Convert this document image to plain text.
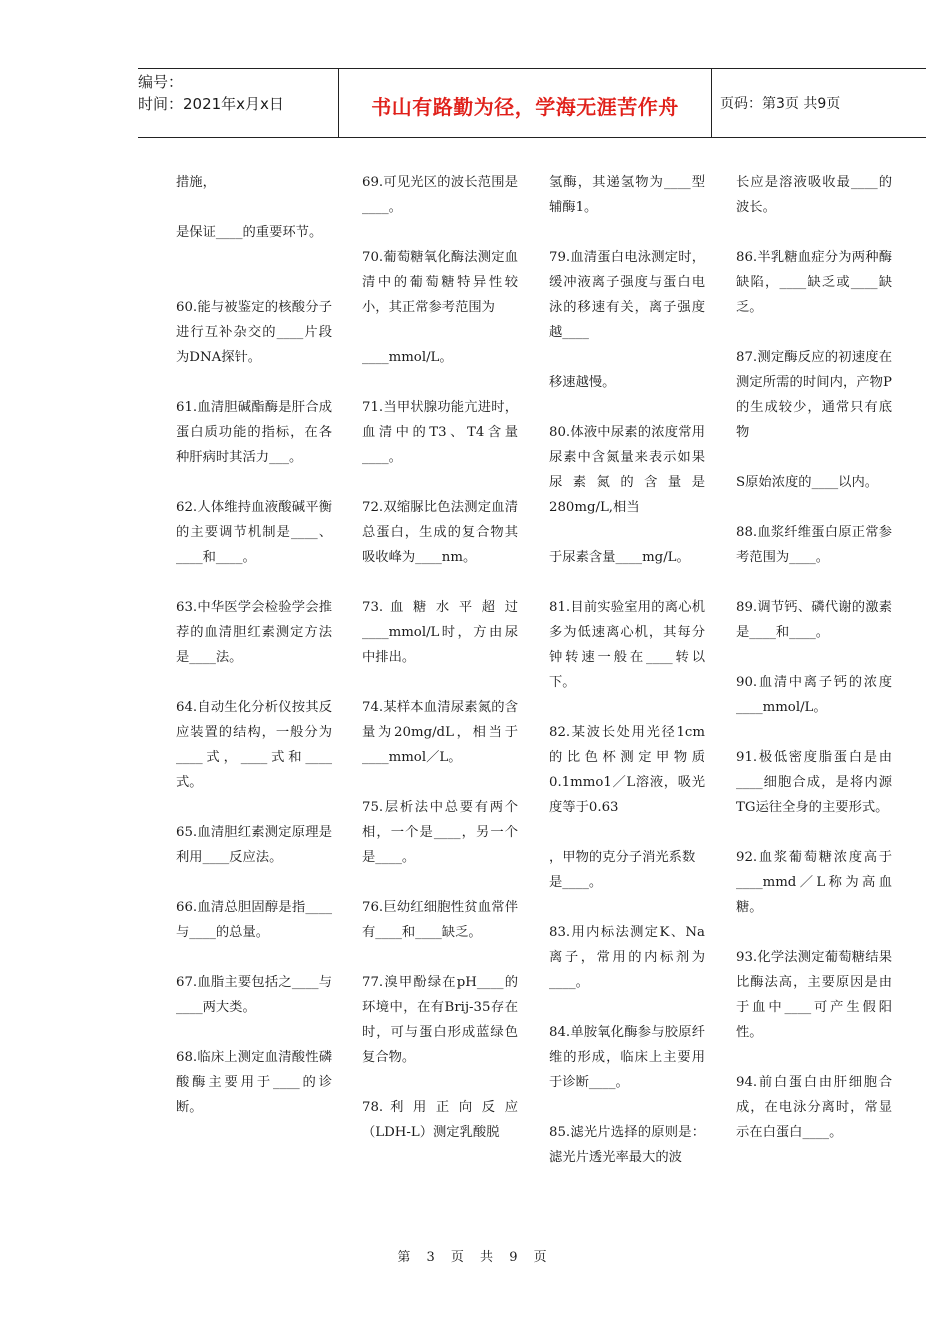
编号：
时间：2021年x月x日	书山有路勤为径，学海无涯苦作舟	页码：第3页 共9页

措施，

是保证____的重要环节。

60.能与被鉴定的核酸分子进行互补杂交的____片段为DNA探针。

61.血清胆碱酯酶是肝合成蛋白质功能的指标，在各种肝病时其活力___。

62.人体维持血液酸碱平衡的主要调节机制是____、____和____。

63.中华医学会检验学会推荐的血清胆红素测定方法是____法。

64.自动生化分析仪按其反应装置的结构，一般分为____式，____式和____式。

65.血清胆红素测定原理是利用____反应法。

66.血清总胆固醇是指____与____的总量。

67.血脂主要包括之____与____两大类。

68.临床上测定血清酸性磷酸酶主要用于____的诊断。

69.可见光区的波长范围是____。

70.葡萄糖氧化酶法测定血清中的葡萄糖特异性较小，其正常参考范围为

____mmol/L。

71.当甲状腺功能亢进时，血清中的T3、T4含量____。

72.双缩脲比色法测定血清总蛋白，生成的复合物其吸收峰为____nm。

73. 血 糖 水 平 超 过 ____mmol/L时，方由尿中排出。

74.某样本血清尿素氮的含量为20mg/dL，相当于____mmol／L。

75.层析法中总要有两个相，一个是____，另一个是____。

76.巨幼红细胞性贫血常伴有____和____缺乏。

77.溴甲酚绿在pH____的环境中，在有Brij-35存在时，可与蛋白形成蓝绿色复合物。

78. 利 用 正 向 反 应（LDH-L）测定乳酸脱

氢酶，其递氢物为____型辅酶1。

79.血清蛋白电泳测定时，缓冲液离子强度与蛋白电泳的移速有关，离子强度越____

移速越慢。

80.体液中尿素的浓度常用尿素中含氮量来表示如果尿素氮的含量是280mg/L,相当

于尿素含量____mg/L。

81.目前实验室用的离心机多为低速离心机，其每分钟转速一般在____转以下。

82.某波长处用光径1cm的比色杯测定甲物质0.1mmo1／L溶液，吸光度等于0.63

，甲物的克分子消光系数是____。

83.用内标法测定K、Na离子，常用的内标剂为____。

84.单胺氧化酶参与胶原纤维的形成，临床上主要用于诊断____。

85.滤光片选择的原则是：滤光片透光率最大的波

长应是溶液吸收最____的波长。

86.半乳糖血症分为两种酶缺陷，____缺乏或____缺乏。

87.测定酶反应的初速度在测定所需的时间内，产物P的生成较少，通常只有底物

S原始浓度的____以内。

88.血浆纤维蛋白原正常参考范围为____。

89.调节钙、磷代谢的激素是____和____。

90.血清中离子钙的浓度____mmol/L。

91.极低密度脂蛋白是由____细胞合成，是将内源TG运往全身的主要形式。

92.血浆葡萄糖浓度高于____mmd／L称为高血糖。

93.化学法测定葡萄糖结果比酶法高，主要原因是由于血中____可产生假阳性。

94.前白蛋白由肝细胞合成，在电泳分离时，常显示在白蛋白____。

第 3 页 共 9 页
